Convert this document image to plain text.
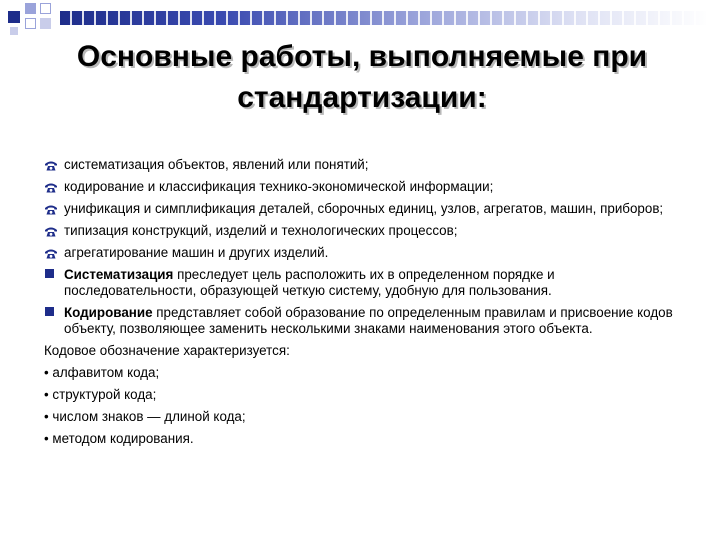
Основные работы, выполняемые при стандартизации:
систематизация объектов, явлений или понятий;
кодирование и классификация технико-экономической информации;
унификация и симплификация деталей, сборочных единиц, узлов, агрегатов, машин, приборов;
типизация конструкций, изделий и технологических процессов;
агрегатирование машин и других изделий.
Систематизация преследует цель расположить их в определенном порядке и последовательности, образующей четкую систему, удобную для пользования.
Кодирование представляет собой образование по определенным правилам и присвоение кодов объекту, позволяющее заменить несколькими знаками наименования этого объекта.
Кодовое обозначение характеризуется:
• алфавитом кода;
• структурой кода;
• числом знаков — длиной кода;
• методом кодирования.
